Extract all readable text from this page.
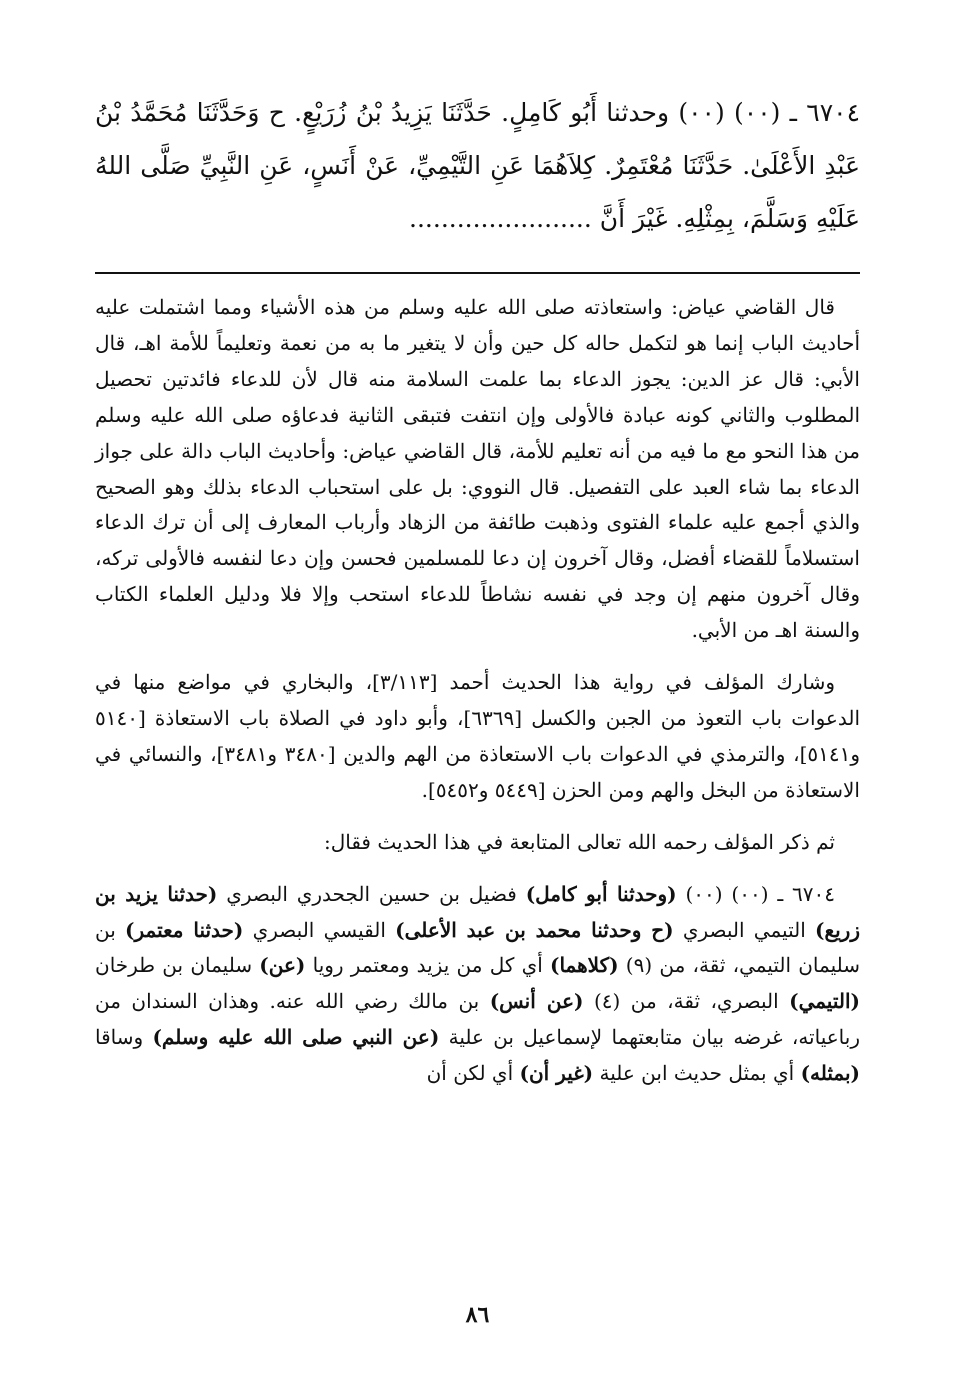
٦٧٠٤ ـ (٠٠) (٠٠) وحدثنا أَبُو كَامِلٍ. حَدَّثَنَا يَزِيدُ بْنُ زُرَيْعٍ. ح وَحَدَّثَنَا مُحَمَّدُ بْنُ عَبْدِ الأَعْلَىٰ. حَدَّثَنَا مُعْتَمِرٌ. كِلاَهُمَا عَنِ التَّيْمِيِّ، عَنْ أَنَسٍ، عَنِ النَّبِيِّ صَلَّى اللهُ عَلَيْهِ وَسَلَّمَ، بِمِثْلِهِ. غَيْرَ أَنَّ .......................

قال القاضي عياض: واستعاذته صلى الله عليه وسلم من هذه الأشياء ومما اشتملت عليه أحاديث الباب إنما هو لتكمل حاله كل حين وأن لا يتغير ما به من نعمة وتعليماً للأمة اهـ، قال الأبي: قال عز الدين: يجوز الدعاء بما علمت السلامة منه قال لأن للدعاء فائدتين تحصيل المطلوب والثاني كونه عبادة فالأولى وإن انتفت فتبقى الثانية فدعاؤه صلى الله عليه وسلم من هذا النحو مع ما فيه من أنه تعليم للأمة، قال القاضي عياض: وأحاديث الباب دالة على جواز الدعاء بما شاء العبد على التفصيل. قال النووي: بل على استحباب الدعاء بذلك وهو الصحيح والذي أجمع عليه علماء الفتوى وذهبت طائفة من الزهاد وأرباب المعارف إلى أن ترك الدعاء استسلاماً للقضاء أفضل، وقال آخرون إن دعا للمسلمين فحسن وإن دعا لنفسه فالأولى تركه، وقال آخرون منهم إن وجد في نفسه نشاطاً للدعاء استحب وإلا فلا ودليل العلماء الكتاب والسنة اهـ من الأبي.

وشارك المؤلف في رواية هذا الحديث أحمد [٣/١١٣]، والبخاري في مواضع منها في الدعوات باب التعوذ من الجبن والكسل [٦٣٦٩]، وأبو داود في الصلاة باب الاستعاذة [٥١٤٠ و٥١٤١]، والترمذي في الدعوات باب الاستعاذة من الهم والدين [٣٤٨٠ و٣٤٨١]، والنسائي في الاستعاذة من البخل والهم ومن الحزن [٥٤٤٩ و٥٤٥٢].

ثم ذكر المؤلف رحمه الله تعالى المتابعة في هذا الحديث فقال:

٦٧٠٤ ـ (٠٠) (٠٠) (وحدثنا أبو كامل) فضيل بن حسين الجحدري البصري (حدثنا يزيد بن زريع) التيمي البصري (ح وحدثنا محمد بن عبد الأعلى) القيسي البصري (حدثنا معتمر) بن سليمان التيمي، ثقة، من (٩) (كلاهما) أي كل من يزيد ومعتمر رويا (عن) سليمان بن طرخان (التيمي) البصري، ثقة، من (٤) (عن أنس) بن مالك رضي الله عنه. وهذان السندان من رباعياته، غرضه بيان متابعتهما لإسماعيل بن علية (عن النبي صلى الله عليه وسلم) وساقا (بمثله) أي بمثل حديث ابن علية (غير أن) أي لكن أن

٨٦
